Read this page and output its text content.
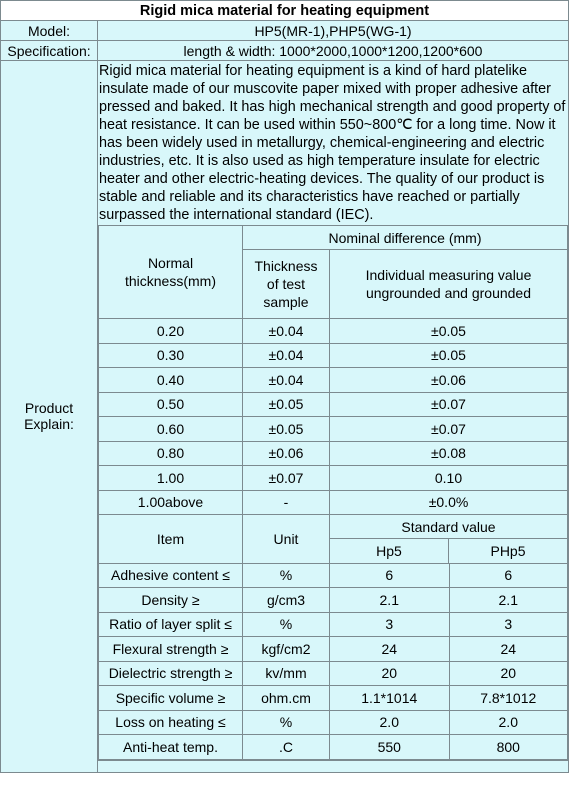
Rigid mica material for heating equipment
Model:	HP5(MR-1),PHP5(WG-1)
Specification:	length & width: 1000*2000,1000*1200,1200*600

Product
Explain:

Rigid mica material for heating equipment is a kind of hard platelike insulate made of our muscovite paper mixed with proper adhesive after pressed and baked. It has high mechanical strength and good property of heat resistance. It can be used within 550~800℃ for a long time. Now it has been widely used in metallurgy, chemical-engineering and electric industries, etc. It is also used as high temperature insulate for electric heater and other electric-heating devices. The quality of our product is stable and reliable and its characteristics have reached or partially surpassed the international standard (IEC).
Normal
thickness(mm)
	Nominal difference (mm)

Thickness
of test
sample

Individual measuring value
ungrounded and grounded

0.20	±0.04	±0.05
0.30	±0.04	±0.05
0.40	±0.04	±0.06
0.50	±0.05	±0.07
0.60	±0.05	±0.07
0.80	±0.06	±0.08
1.00	±0.07	0.10
1.00above	-	±0.0%
Item	Unit	
Standard value
Hp5	PHp5

Adhesive content ≤	%		6	6

Density ≥	g/cm3		2.1	2.1

Ratio of layer split ≤	%		3	3

Flexural strength ≥	kgf/cm2		24	24

Dielectric strength ≥	kv/mm		20	20

Specific volume ≥	ohm.cm		1.1*1014	7.8*1012

Loss on heating ≤	%		2.0	2.0

Anti-heat temp.	.C		550	800
